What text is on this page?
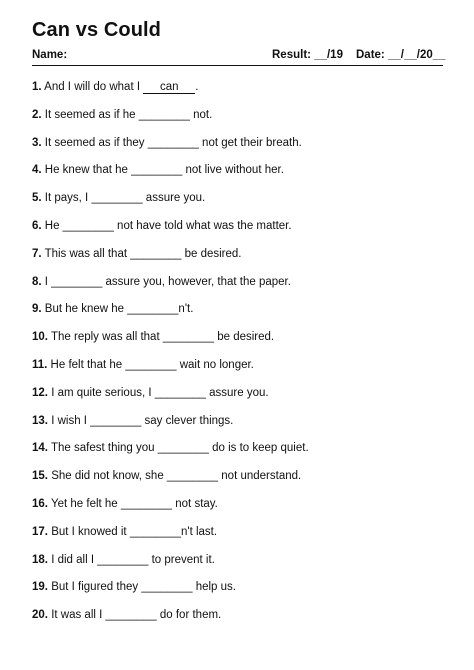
Can vs Could
Name:	Result: __/19 Date: __/__/20__
1. And I will do what I can .
2. It seemed as if he ________ not.
3. It seemed as if they ________ not get their breath.
4. He knew that he ________ not live without her.
5. It pays, I ________ assure you.
6. He ________ not have told what was the matter.
7. This was all that ________ be desired.
8. I ________ assure you, however, that the paper.
9. But he knew he ________n't.
10. The reply was all that ________ be desired.
11. He felt that he ________ wait no longer.
12. I am quite serious, I ________ assure you.
13. I wish I ________ say clever things.
14. The safest thing you ________ do is to keep quiet.
15. She did not know, she ________ not understand.
16. Yet he felt he ________ not stay.
17. But I knowed it ________n't last.
18. I did all I ________ to prevent it.
19. But I figured they ________ help us.
20. It was all I ________ do for them.
